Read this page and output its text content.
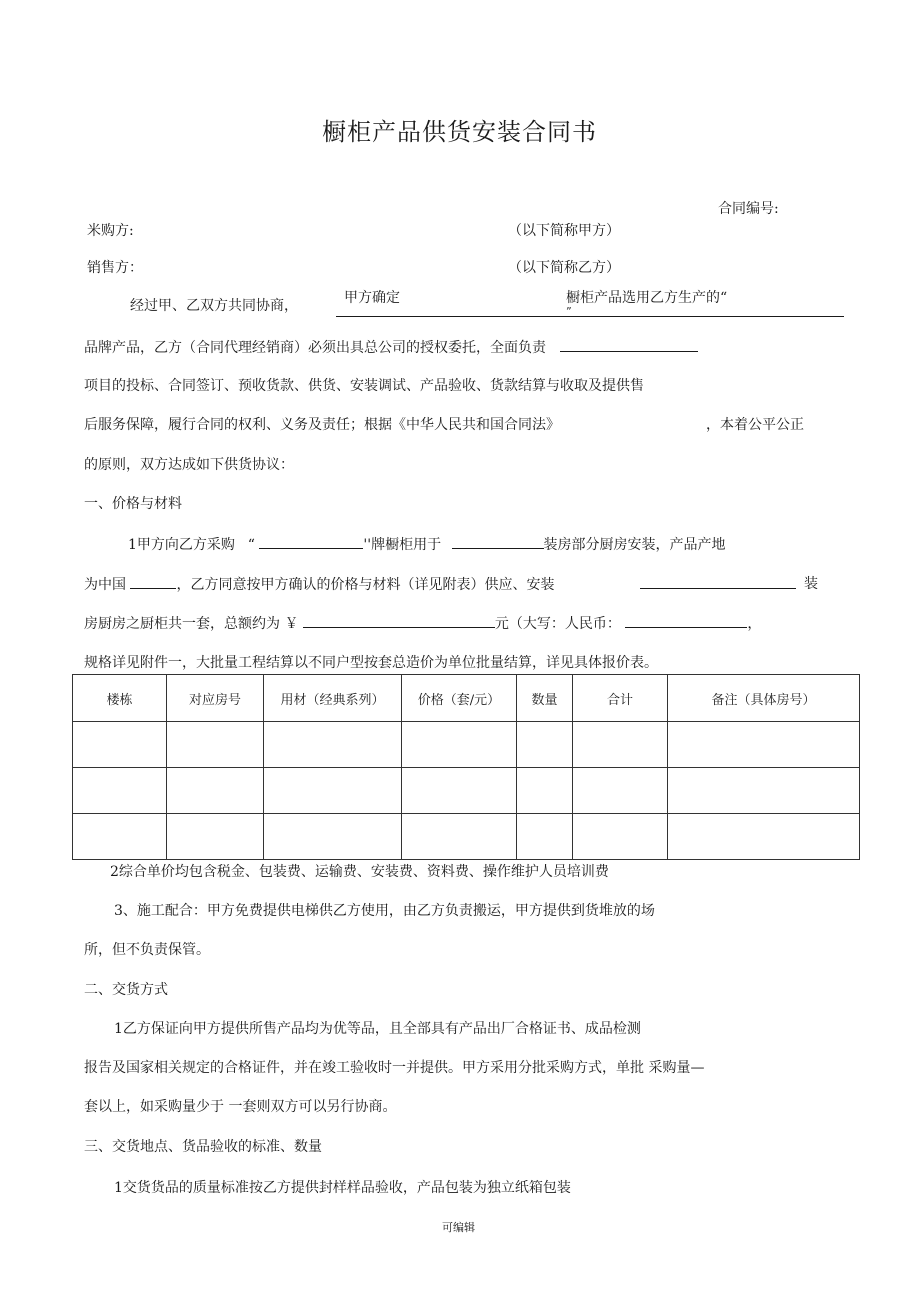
橱柜产品供货安装合同书
合同编号:
米购方:	（以下简称甲方）
销售方：	（以下简称乙方）
经过甲、乙双方共同协商，	甲方确定	橱柜产品选用乙方生产的“
”
品牌产品，乙方（合同代理经销商）必须出具总公司的授权委托，全面负责
项目的投标、合同签订、预收货款、供货、安装调试、产品验收、货款结算与收取及提供售
后服务保障，履行合同的权利、义务及责任；根据《中华人民共和国合同法》	，本着公平公正
的原则，双方达成如下供货协议：
一、价格与材料
1甲方向乙方采购 “	''牌橱柜用于	装房部分厨房安装，产品产地
为中国	，乙方同意按甲方确认的价格与材料（详见附表）供应、安装	装
房厨房之厨柜共一套，总额约为 ￥	元（大写：人民币：	，
规格详见附件一，大批量工程结算以不同户型按套总造价为单位批量结算，详见具体报价表。
楼栋	对应房号	用材（经典系列）	价格（套/元）	数量	合计	备注（具体房号）

2综合单价均包含税金、包装费、运输费、安装费、资料费、操作维护人员培训费
3、施工配合：甲方免费提供电梯供乙方使用，由乙方负责搬运，甲方提供到货堆放的场
所，但不负责保管。
二、交货方式
1乙方保证向甲方提供所售产品均为优等品，且全部具有产品出厂合格证书、成品检测
报告及国家相关规定的合格证件，并在竣工验收时一并提供。甲方采用分批采购方式，单批 采购量—
套以上，如采购量少于 一套则双方可以另行协商。
三、交货地点、货品验收的标准、数量
1交货货品的质量标准按乙方提供封样样品验收，产品包装为独立纸箱包装
可编辑
